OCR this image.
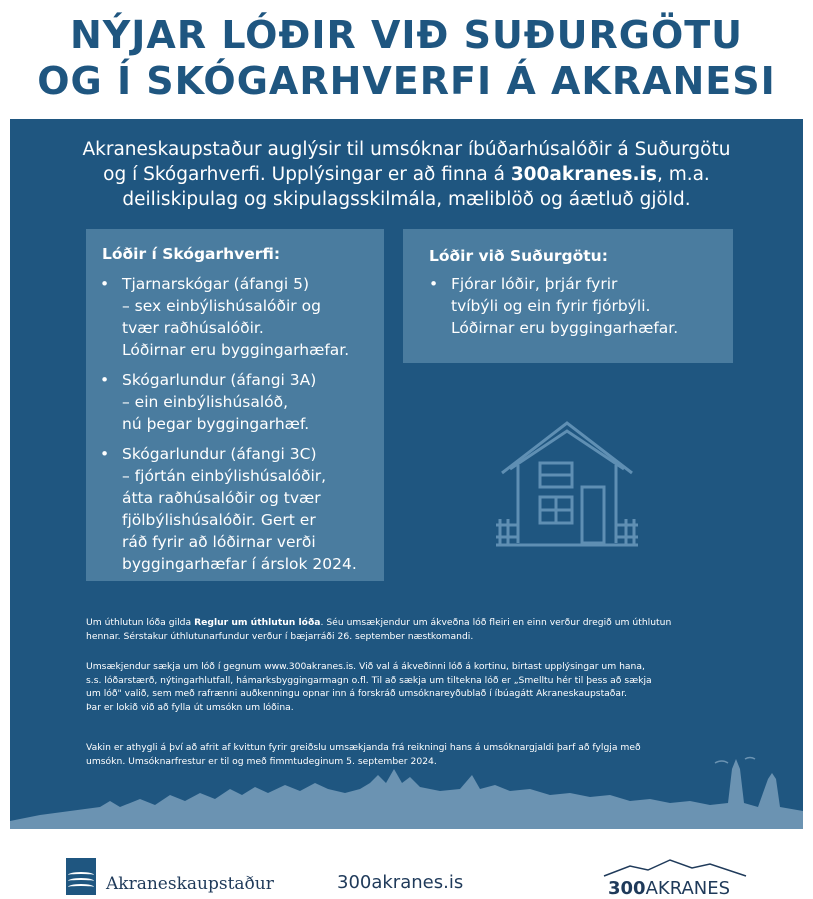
NÝJAR LÓÐIR VIÐ SUÐURGÖTU
OG Í SKÓGARHVERFI Á AKRANESI
Akraneskaupstaður auglýsir til umsóknar íbúðarhúsalóðir á Suðurgötu
og í Skógarhverfi. Upplýsingar er að finna á 300akranes.is, m.a.
deiliskipulag og skipulagsskilmála, mæliblöð og áætluð gjöld.
Lóðir í Skógarhverfi:
• Tjarnarskógar (áfangi 5)
– sex einbýlishúsalóðir og
tvær raðhúsalóðir.
Lóðirnar eru byggingarhæfar.
• Skógarlundur (áfangi 3A)
– ein einbýlishúsalóð,
nú þegar byggingarhæf.
• Skógarlundur (áfangi 3C)
– fjórtán einbýlishúsalóðir,
átta raðhúsalóðir og tvær
fjölbýlishúsalóðir. Gert er
ráð fyrir að lóðirnar verði
byggingarhæfar í árslok 2024.
Lóðir við Suðurgötu:
• Fjórar lóðir, þrjár fyrir
tvíbýli og ein fyrir fjórbýli.
Lóðirnar eru byggingarhæfar.
Um úthlutun lóða gilda Reglur um úthlutun lóða. Séu umsækjendur um ákveðna lóð fleiri en einn verður dregið um úthlutun
hennar. Sérstakur úthlutunarfundur verður í bæjarráði 26. september næstkomandi.
Umsækjendur sækja um lóð í gegnum www.300akranes.is. Við val á ákveðinni lóð á kortinu, birtast upplýsingar um hana,
s.s. lóðarstærð, nýtingarhlutfall, hámarksbyggingarmagn o.fl. Til að sækja um tiltekna lóð er „Smelltu hér til þess að sækja
um lóð" valið, sem með rafrænni auðkenningu opnar inn á forskráð umsóknareyðublað í íbúagátt Akraneskaupstaðar.
Þar er lokið við að fylla út umsókn um lóðina.
Vakin er athygli á því að afrit af kvittun fyrir greiðslu umsækjanda frá reikningi hans á umsóknargjaldi þarf að fylgja með
umsókn. Umsóknarfrestur er til og með fimmtudeginum 5. september 2024.
Akraneskaupstaður	300akranes.is	300AKRANES
